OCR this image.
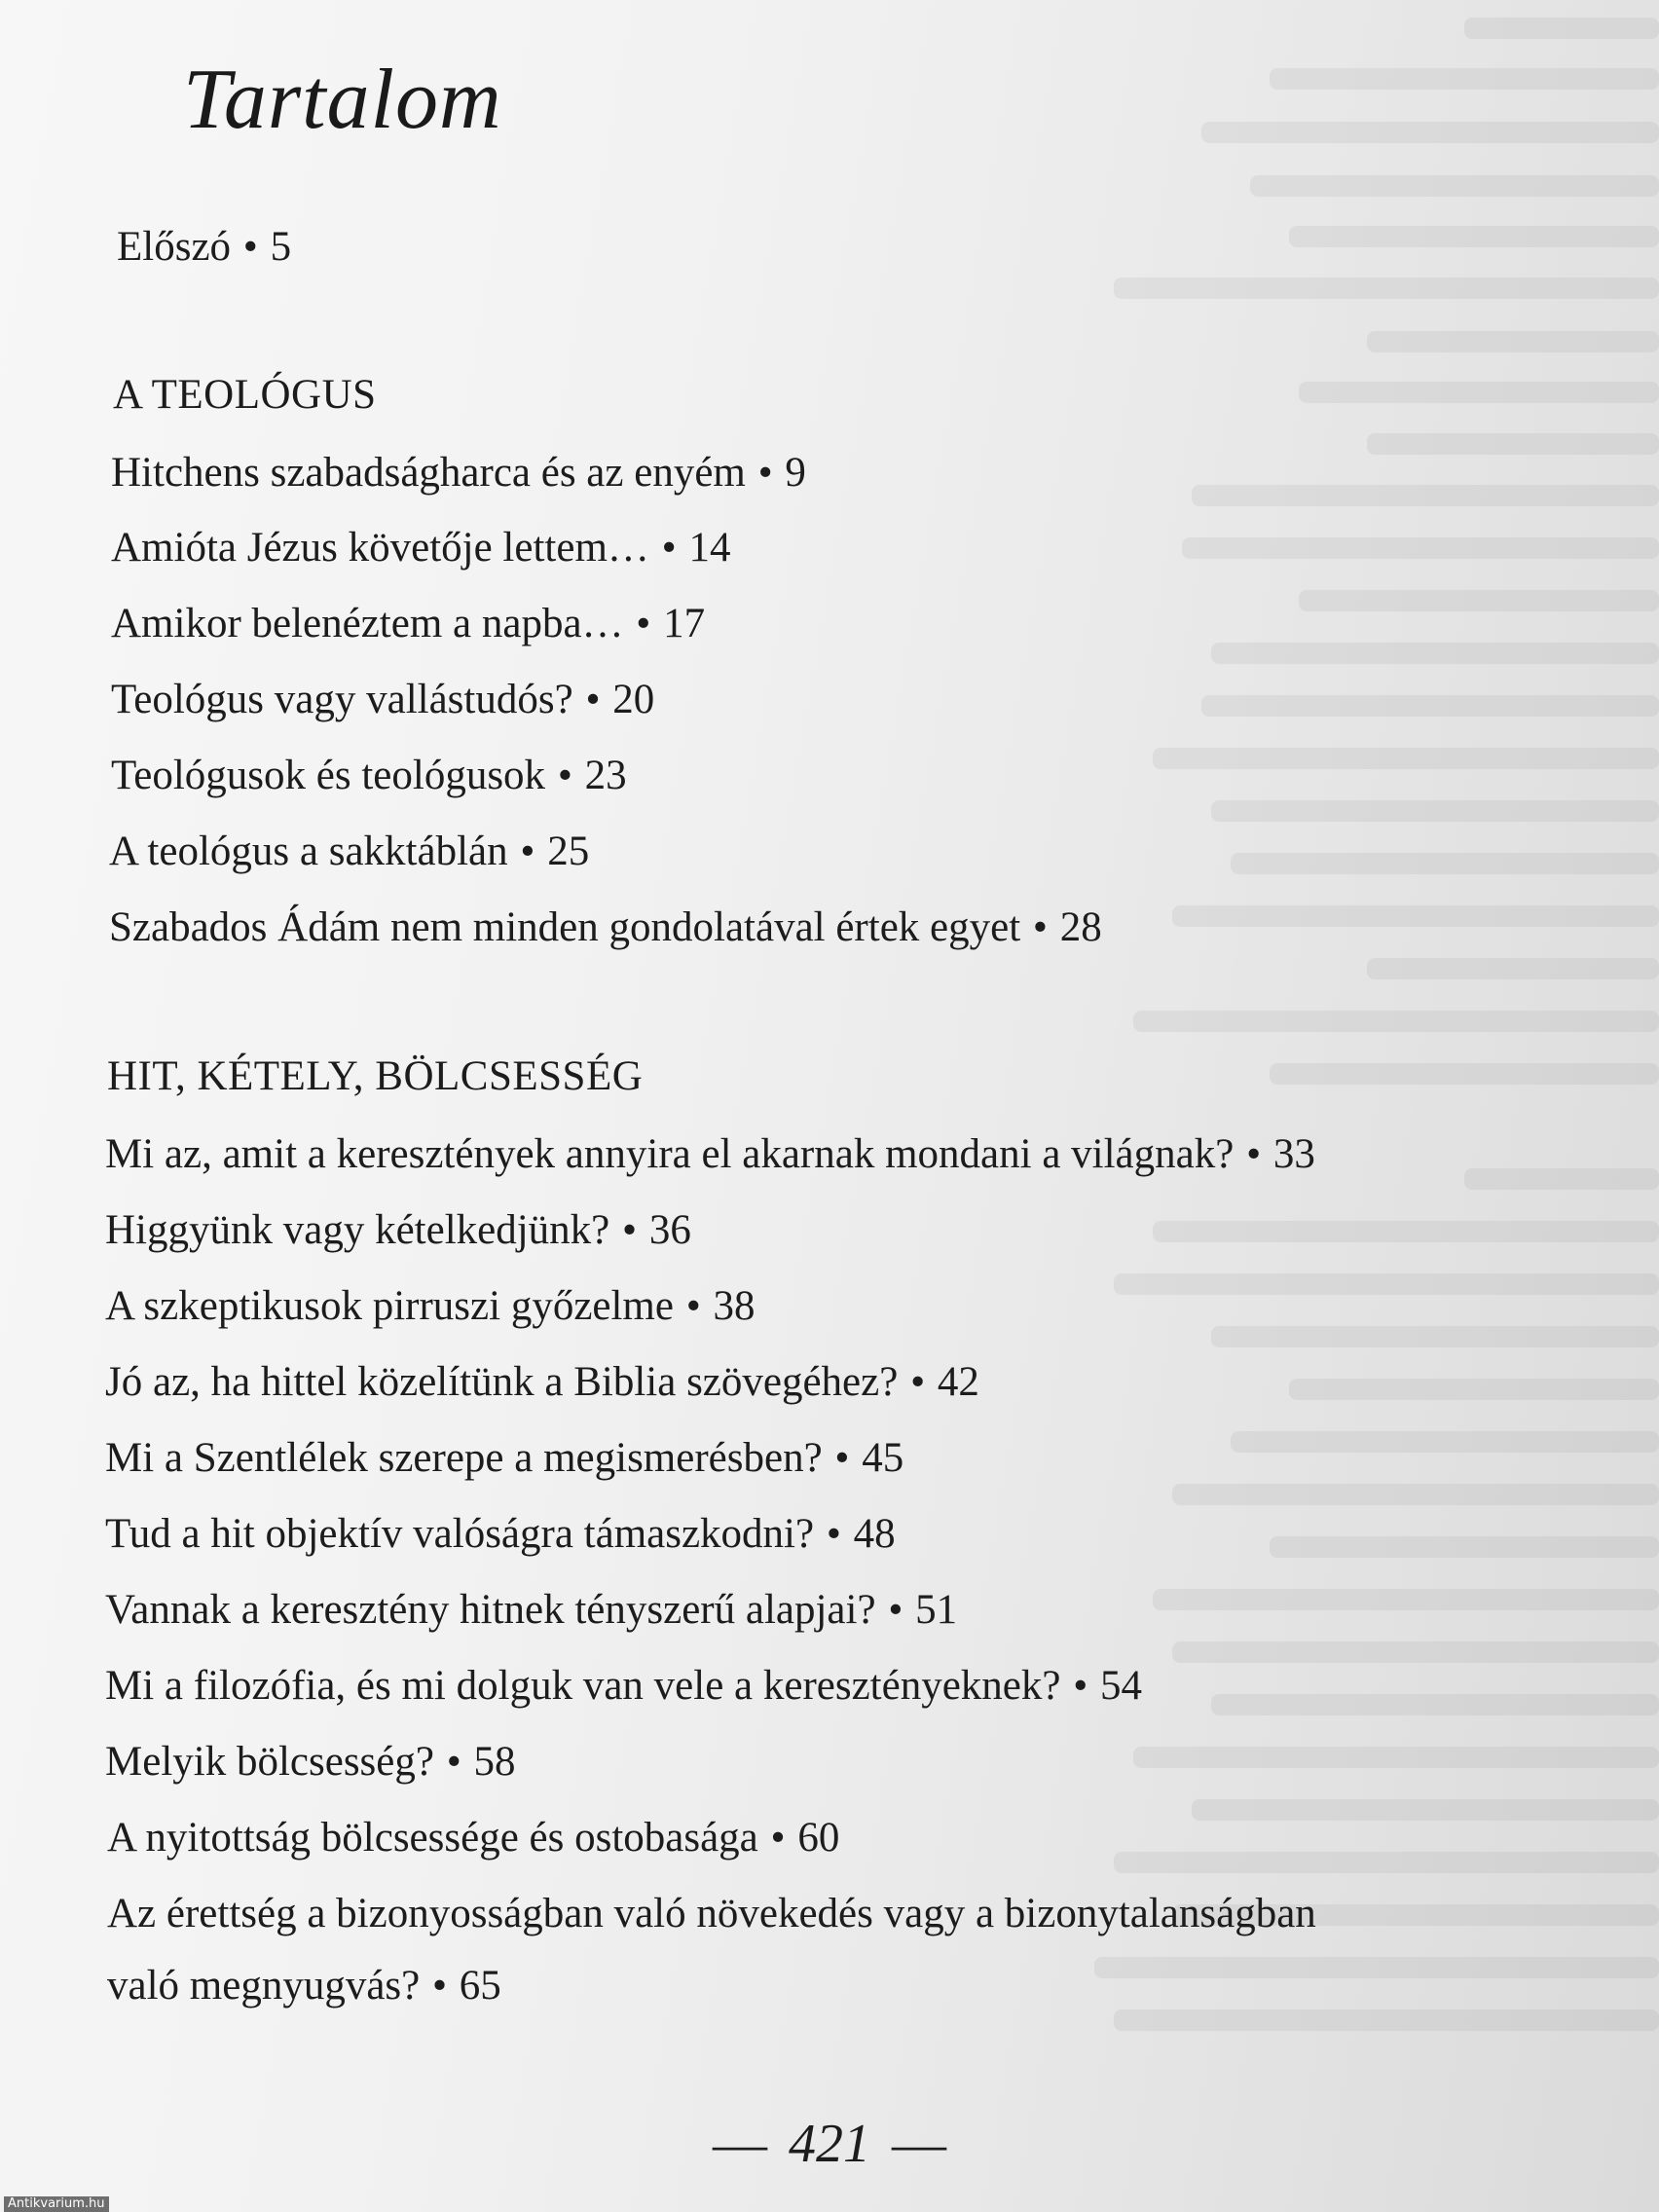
Tartalom
Előszó • 5
A TEOLÓGUS
Hitchens szabadságharca és az enyém • 9
Amióta Jézus követője lettem… • 14
Amikor belenéztem a napba… • 17
Teológus vagy vallástudós? • 20
Teológusok és teológusok • 23
A teológus a sakktáblán • 25
Szabados Ádám nem minden gondolatával értek egyet • 28
HIT, KÉTELY, BÖLCSESSÉG
Mi az, amit a keresztények annyira el akarnak mondani a világnak? • 33
Higgyünk vagy kételkedjünk? • 36
A szkeptikusok pirruszi győzelme • 38
Jó az, ha hittel közelítünk a Biblia szövegéhez? • 42
Mi a Szentlélek szerepe a megismerésben? • 45
Tud a hit objektív valóságra támaszkodni? • 48
Vannak a keresztény hitnek tényszerű alapjai? • 51
Mi a filozófia, és mi dolguk van vele a keresztényeknek? • 54
Melyik bölcsesség? • 58
A nyitottság bölcsessége és ostobasága • 60
Az érettség a bizonyosságban való növekedés vagy a bizonytalanságban
való megnyugvás? • 65
— 421 —
Antikvarium.hu
